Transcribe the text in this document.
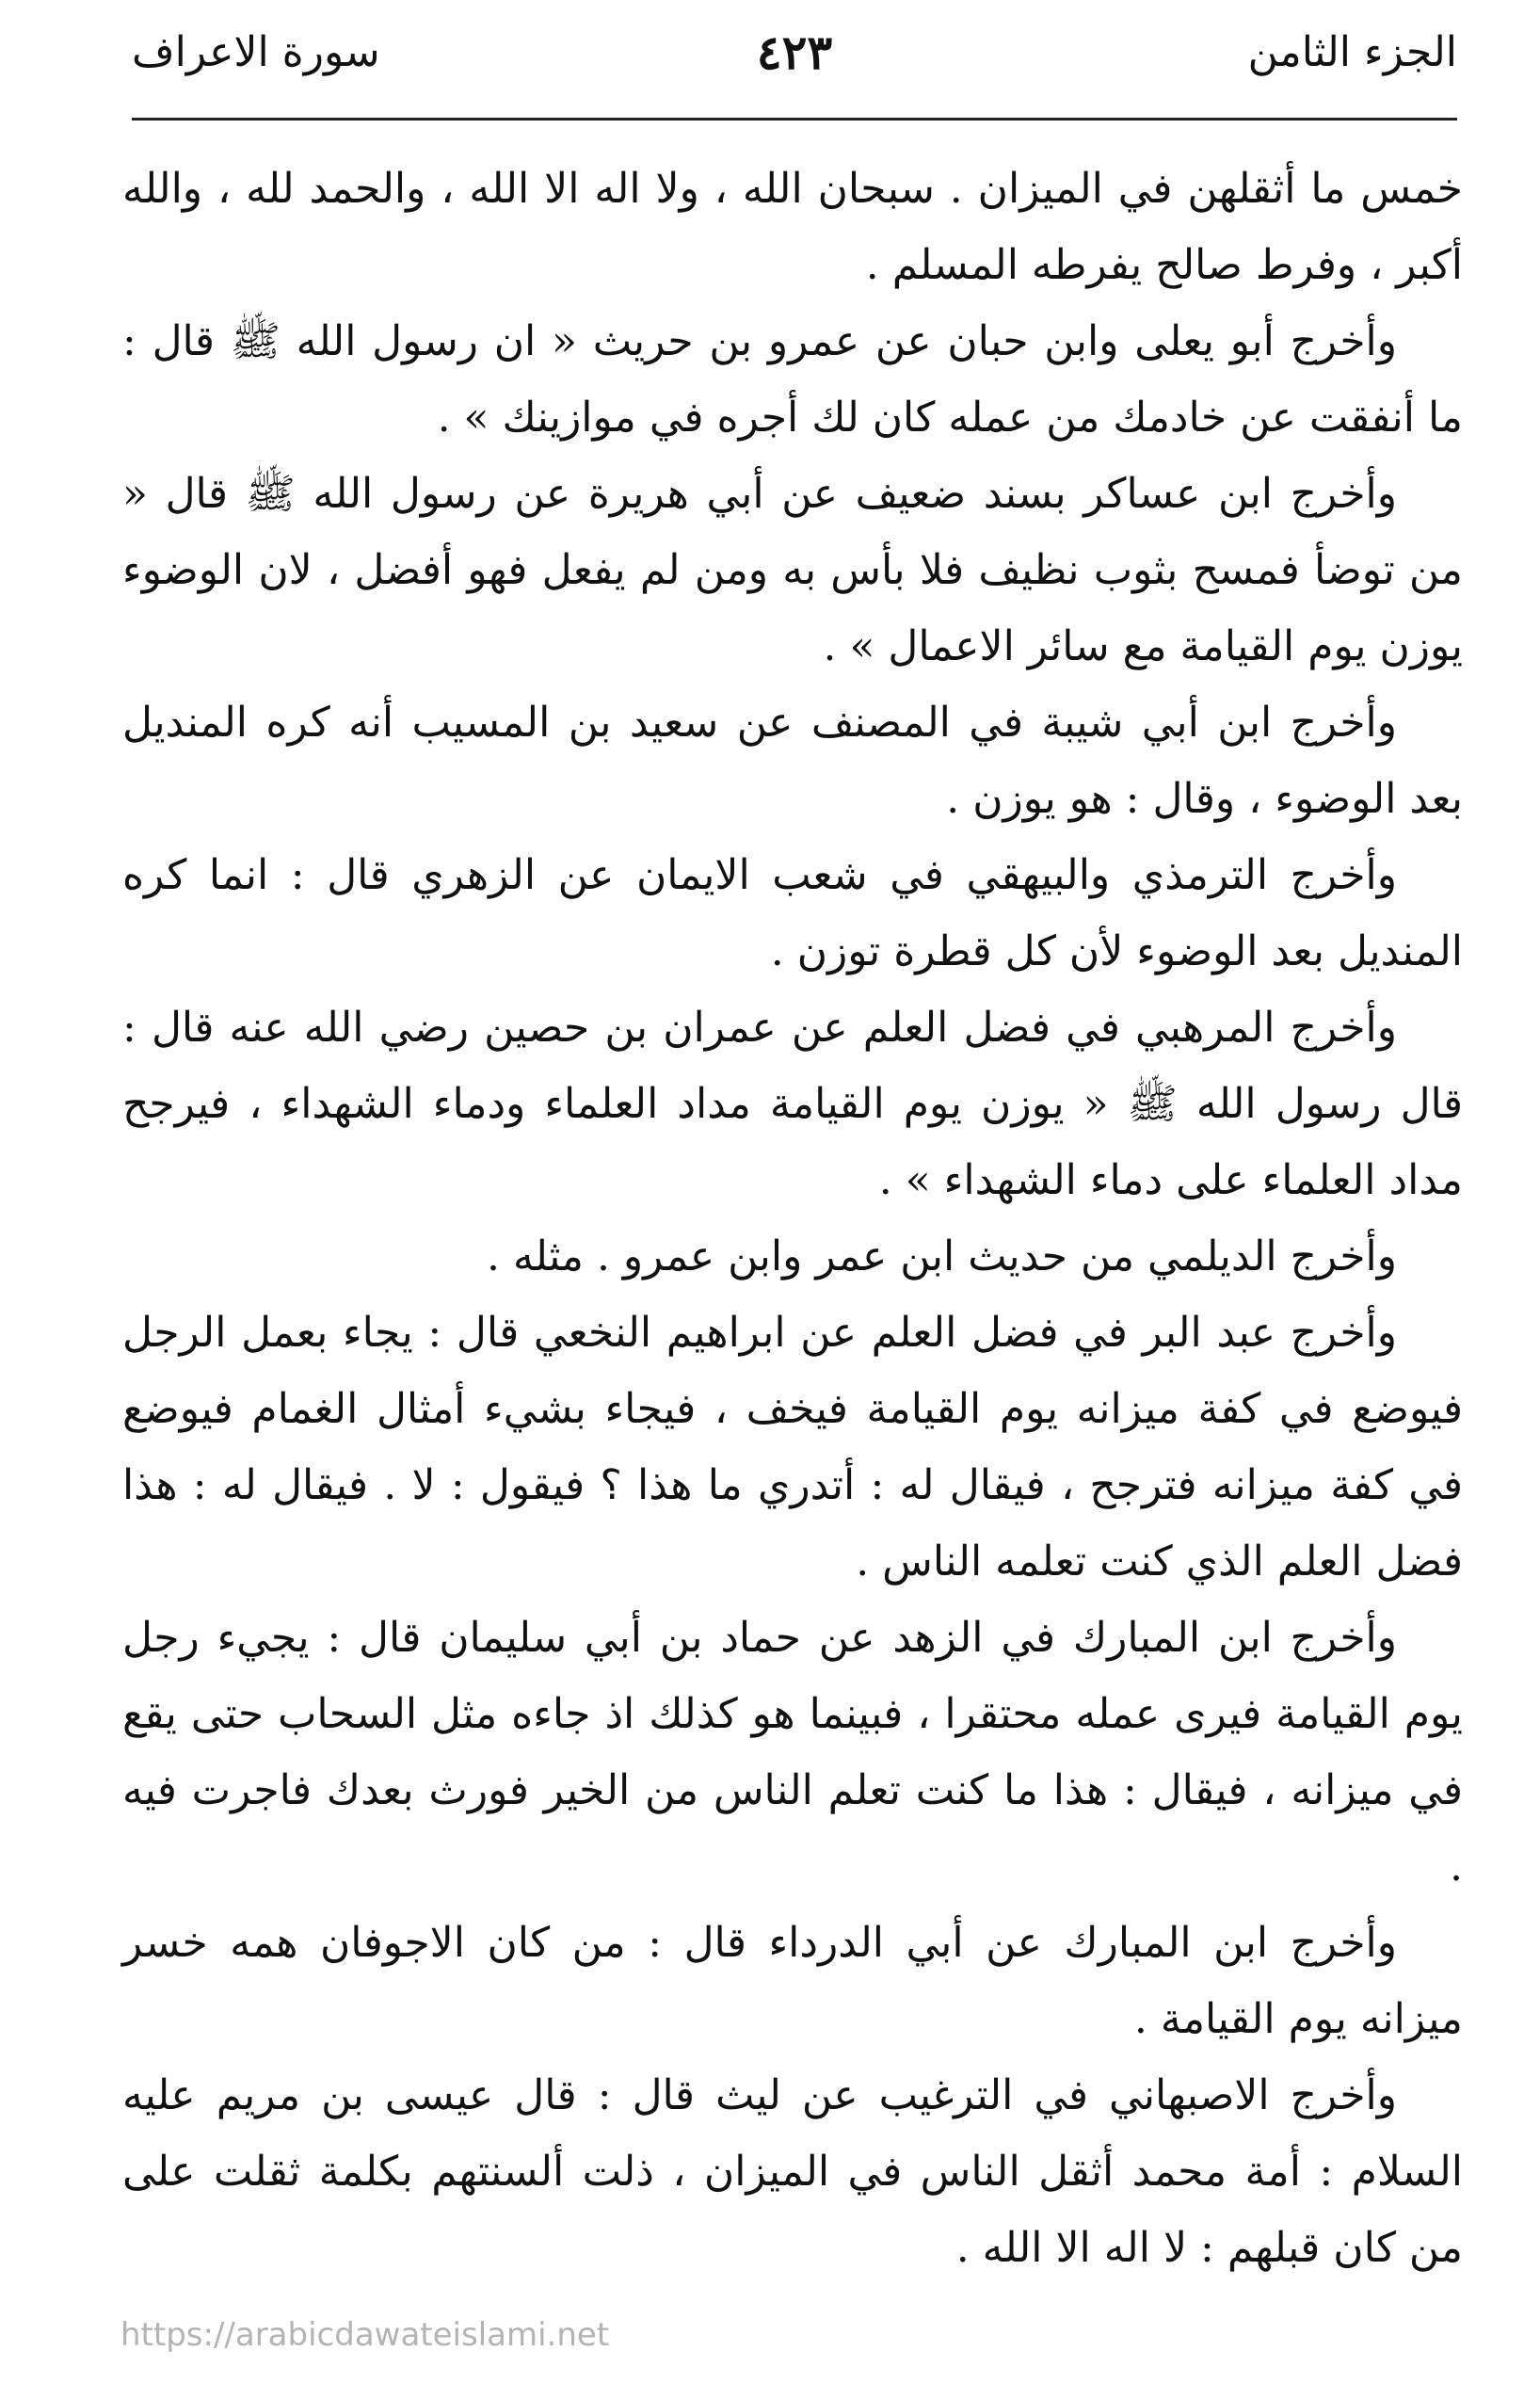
الجزء الثامن
٤٢٣
سورة الاعراف

خمس ما أثقلهن في الميزان . سبحان الله ، ولا اله الا الله ، والحمد لله ، والله أكبر ، وفرط صالح يفرطه المسلم .

وأخرج أبو يعلى وابن حبان عن عمرو بن حريث « ان رسول الله ﷺ قال : ما أنفقت عن خادمك من عمله كان لك أجره في موازينك » .

وأخرج ابن عساكر بسند ضعيف عن أبي هريرة عن رسول الله ﷺ قال « من توضأ فمسح بثوب نظيف فلا بأس به ومن لم يفعل فهو أفضل ، لان الوضوء يوزن يوم القيامة مع سائر الاعمال » .

وأخرج ابن أبي شيبة في المصنف عن سعيد بن المسيب أنه كره المنديل بعد الوضوء ، وقال : هو يوزن .

وأخرج الترمذي والبيهقي في شعب الايمان عن الزهري قال : انما كره المنديل بعد الوضوء لأن كل قطرة توزن .

وأخرج المرهبي في فضل العلم عن عمران بن حصين رضي الله عنه قال : قال رسول الله ﷺ « يوزن يوم القيامة مداد العلماء ودماء الشهداء ، فيرجح مداد العلماء على دماء الشهداء » .

وأخرج الديلمي من حديث ابن عمر وابن عمرو . مثله .

وأخرج عبد البر في فضل العلم عن ابراهيم النخعي قال : يجاء بعمل الرجل فيوضع في كفة ميزانه يوم القيامة فيخف ، فيجاء بشيء أمثال الغمام فيوضع في كفة ميزانه فترجح ، فيقال له : أتدري ما هذا ؟ فيقول : لا . فيقال له : هذا فضل العلم الذي كنت تعلمه الناس .

وأخرج ابن المبارك في الزهد عن حماد بن أبي سليمان قال : يجيء رجل يوم القيامة فيرى عمله محتقرا ، فبينما هو كذلك اذ جاءه مثل السحاب حتى يقع في ميزانه ، فيقال : هذا ما كنت تعلم الناس من الخير فورث بعدك فاجرت فيه .

وأخرج ابن المبارك عن أبي الدرداء قال : من كان الاجوفان همه خسر ميزانه يوم القيامة .

وأخرج الاصبهاني في الترغيب عن ليث قال : قال عيسى بن مريم عليه السلام : أمة محمد أثقل الناس في الميزان ، ذلت ألسنتهم بكلمة ثقلت على من كان قبلهم : لا اله الا الله .

https://arabicdawateislami.net
